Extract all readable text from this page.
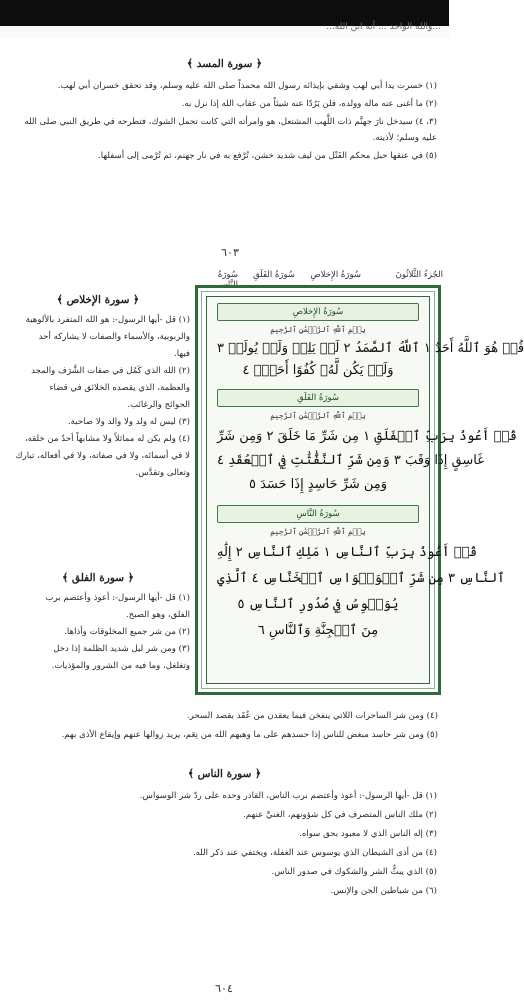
...والله الواحد ... أنه ابن الله...
﴿ سورة المسد ﴾

(١) خسرت يدا أبي لهب وشقي بإيذائه رسول الله محمداً صلى الله عليه وسلم، وقد تحقق خسران أبي لهب.

(٢) ما أغنى عنه ماله وولده، فلن يَرُدّا عنه شيئاً من عقاب الله إذا نزل به.

(٣، ٤) سيدخل نارَ جهنَّم ذات اللَّهب المشتعل، هو وامرأته التي كانت تحمل الشوك، فتطرحه في طريق النبي صلى الله

عليه وسلم؛ لأذيته.

(٥) في عنقها حبل محكم الفَتْل من ليف شديد خشن، تُرْفع به في نار جهنم، ثم تُرْمى إلى أسفلها.

٦٠٣
الجُزءُ الثَّلاثُونَ
سُورَةُ الإِخلاصِ
سُورَةُ الفَلَقِ
سُورَةُ
سُورَةُ الإِخلاصِ
بِسۡمِ ٱللَّهِ ٱلرَّحۡمَٰنِ ٱلرَّحِيمِ
قُلۡ هُوَ ٱللَّهُ أَحَدٌ ١ ٱللَّهُ ٱلصَّمَدُ ٢ لَمۡ يَلِدۡ وَلَمۡ يُولَدۡ ٣
وَلَمۡ يَكُن لَّهُۥ كُفُوًا أَحَدُۢ ٤
سُورَةُ الفَلَقِ
بِسۡمِ ٱللَّهِ ٱلرَّحۡمَٰنِ ٱلرَّحِيمِ
قُلۡ أَعُوذُ بِرَبِّ ٱلۡفَلَقِ ١ مِن شَرِّ مَا خَلَقَ ٢ وَمِن شَرِّ
غَاسِقٍ إِذَا وَقَبَ ٣ وَمِن شَرِّ ٱلنَّفَّٰثَٰتِ فِي ٱلۡعُقَدِ ٤
وَمِن شَرِّ حَاسِدٍ إِذَا حَسَدَ ٥
سُورَةُ النَّاسِ
بِسۡمِ ٱللَّهِ ٱلرَّحۡمَٰنِ ٱلرَّحِيمِ
قُلۡ أَعُوذُ بِرَبِّ ٱلنَّاسِ ١ مَلِكِ ٱلنَّاسِ ٢ إِلَٰهِ
ٱلنَّاسِ ٣ مِن شَرِّ ٱلۡوَسۡوَاسِ ٱلۡخَنَّاسِ ٤ ٱلَّذِي
يُوَسۡوِسُ فِي صُدُورِ ٱلنَّاسِ ٥
مِنَ ٱلۡجِنَّةِ وَٱلنَّاسِ ٦
﴿ سورة الإخلاص ﴾

(١) قل -أيها الرسول-: هو الله المتفرد بالألوهية

والربوبية، والأسماء والصفات لا يشاركه أحد

فيها.

(٢) الله الذي كَمُل في صفات الشَّرَف والمجد

والعظمة، الذي يقصده الخلائق في قضاء

الحوائج والرغائب.

(٣) ليس له ولد ولا والد ولا صاحبة.

(٤) ولم يكن له مماثلاً ولا مشابهاً أحدٌ من خلقه،

لا في أسمائه، ولا في صفاته، ولا في أفعاله، تبارك

وتعالى وتقدَّس.

﴿ سورة الفلق ﴾

(١) قل -أيها الرسول-: أعوذ وأعتصم برب

الفلق، وهو الصبح.

(٢) من شر جميع المخلوقات وأذاها.

(٣) ومن شر ليل شديد الظلمة إذا دخل

وتغلغل، وما فيه من الشرور والمؤذيات.

(٤) ومن شر الساحرات اللاتي ينفخن فيما يعقدن من عُقَد بقصد السحر.

(٥) ومن شر حاسد مبغض للناس إذا حسدهم على ما وهبهم الله من نِعَم، يريد زوالها عنهم وإيقاع الأذى بهم.

﴿ سورة الناس ﴾

(١) قل -أيها الرسول-: أعوذ وأعتصم برب الناس، القادر وحده على ردّ شر الوسواس.

(٢) ملك الناس المتصرف في كل شؤونهم، الغنيِّ عنهم.

(٣) إله الناس الذي لا معبود بحق سواه.

(٤) من أذى الشيطان الذي يوسوس عند الغفلة، ويختفي عند ذكر الله.

(٥) الذي يبثُّ الشر والشكوك في صدور الناس.

(٦) من شياطين الجن والإنس.

٦٠٤
